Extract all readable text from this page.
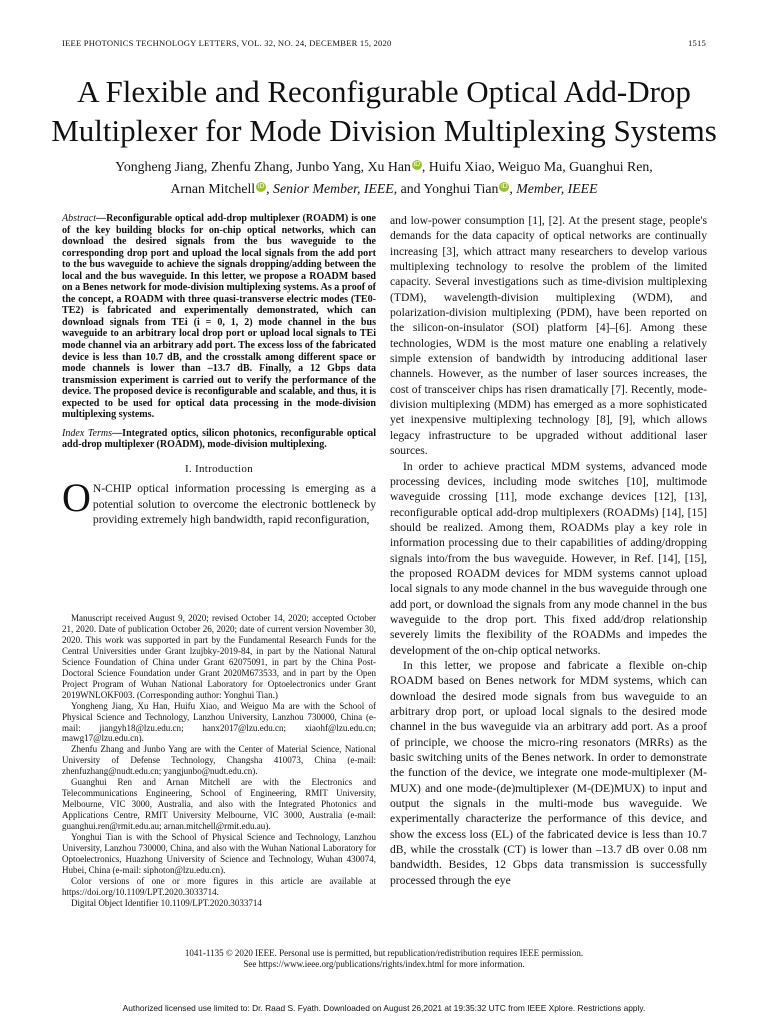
IEEE PHOTONICS TECHNOLOGY LETTERS, VOL. 32, NO. 24, DECEMBER 15, 2020	1515
A Flexible and Reconfigurable Optical Add-Drop Multiplexer for Mode Division Multiplexing Systems
Yongheng Jiang, Zhenfu Zhang, Junbo Yang, Xu Han iD , Huifu Xiao, Weiguo Ma, Guanghui Ren,
Arnan Mitchell iD , Senior Member, IEEE, and Yonghui Tian iD , Member, IEEE

Abstract—Reconfigurable optical add-drop multiplexer (ROADM) is one of the key building blocks for on-chip optical networks, which can download the desired signals from the bus waveguide to the corresponding drop port and upload the local signals from the add port to the bus waveguide to achieve the signals dropping/adding between the local and the bus waveguide. In this letter, we propose a ROADM based on a Benes network for mode-division multiplexing systems. As a proof of the concept, a ROADM with three quasi-transverse electric modes (TE0-TE2) is fabricated and experimentally demonstrated, which can download signals from TEi (i = 0, 1, 2) mode channel in the bus waveguide to an arbitrary local drop port or upload local signals to TEi mode channel via an arbitrary add port. The excess loss of the fabricated device is less than 10.7 dB, and the crosstalk among different space or mode channels is lower than –13.7 dB. Finally, a 12 Gbps data transmission experiment is carried out to verify the performance of the device. The proposed device is reconfigurable and scalable, and thus, it is expected to be used for optical data processing in the mode-division multiplexing systems.

Index Terms—Integrated optics, silicon photonics, reconfigurable optical add-drop multiplexer (ROADM), mode-division multiplexing.

I. Introduction

O N-CHIP optical information processing is emerging as a potential solution to overcome the electronic bottleneck by providing extremely high bandwidth, rapid reconfiguration,

Manuscript received August 9, 2020; revised October 14, 2020; accepted October 21, 2020. Date of publication October 26, 2020; date of current version November 30, 2020. This work was supported in part by the Fundamental Research Funds for the Central Universities under Grant lzujbky-2019-84, in part by the National Natural Science Foundation of China under Grant 62075091, in part by the China Post-Doctoral Science Foundation under Grant 2020M673533, and in part by the Open Project Program of Wuhan National Laboratory for Optoelectronics under Grant 2019WNLOKF003. (Corresponding author: Yonghui Tian.)

Yongheng Jiang, Xu Han, Huifu Xiao, and Weiguo Ma are with the School of Physical Science and Technology, Lanzhou University, Lanzhou 730000, China (e-mail: jiangyh18@lzu.edu.cn; hanx2017@lzu.edu.cn; xiaohf@lzu.edu.cn; mawg17@lzu.edu.cn).

Zhenfu Zhang and Junbo Yang are with the Center of Material Science, National University of Defense Technology, Changsha 410073, China (e-mail: zhenfuzhang@nudt.edu.cn; yangjunbo@nudt.edu.cn).

Guanghui Ren and Arnan Mitchell are with the Electronics and Telecommunications Engineering, School of Engineering, RMIT University, Melbourne, VIC 3000, Australia, and also with the Integrated Photonics and Applications Centre, RMIT University Melbourne, VIC 3000, Australia (e-mail: guanghui.ren@rmit.edu.au; arnan.mitchell@rmit.edu.au).

Yonghui Tian is with the School of Physical Science and Technology, Lanzhou University, Lanzhou 730000, China, and also with the Wuhan National Laboratory for Optoelectronics, Huazhong University of Science and Technology, Wuhan 430074, Hubei, China (e-mail: siphoton@lzu.edu.cn).

Color versions of one or more figures in this article are available at https://doi.org/10.1109/LPT.2020.3033714.

Digital Object Identifier 10.1109/LPT.2020.3033714

and low-power consumption [1], [2]. At the present stage, people's demands for the data capacity of optical networks are continually increasing [3], which attract many researchers to develop various multiplexing technology to resolve the problem of the limited capacity. Several investigations such as time-division multiplexing (TDM), wavelength-division multiplexing (WDM), and polarization-division multiplexing (PDM), have been reported on the silicon-on-insulator (SOI) platform [4]–[6]. Among these technologies, WDM is the most mature one enabling a relatively simple extension of bandwidth by introducing additional laser channels. However, as the number of laser sources increases, the cost of transceiver chips has risen dramatically [7]. Recently, mode-division multiplexing (MDM) has emerged as a more sophisticated yet inexpensive multiplexing technology [8], [9], which allows legacy infrastructure to be upgraded without additional laser sources.

In order to achieve practical MDM systems, advanced mode processing devices, including mode switches [10], multimode waveguide crossing [11], mode exchange devices [12], [13], reconfigurable optical add-drop multiplexers (ROADMs) [14], [15] should be realized. Among them, ROADMs play a key role in information processing due to their capabilities of adding/dropping signals into/from the bus waveguide. However, in Ref. [14], [15], the proposed ROADM devices for MDM systems cannot upload local signals to any mode channel in the bus waveguide through one add port, or download the signals from any mode channel in the bus waveguide to the drop port. This fixed add/drop relationship severely limits the flexibility of the ROADMs and impedes the development of the on-chip optical networks.

In this letter, we propose and fabricate a flexible on-chip ROADM based on Benes network for MDM systems, which can download the desired mode signals from bus waveguide to an arbitrary drop port, or upload local signals to the desired mode channel in the bus waveguide via an arbitrary add port. As a proof of principle, we choose the micro-ring resonators (MRRs) as the basic switching units of the Benes network. In order to demonstrate the function of the device, we integrate one mode-multiplexer (M-MUX) and one mode-(de)multiplexer (M-(DE)MUX) to input and output the signals in the multi-mode bus waveguide. We experimentally characterize the performance of this device, and show the excess loss (EL) of the fabricated device is less than 10.7 dB, while the crosstalk (CT) is lower than –13.7 dB over 0.08 nm bandwidth. Besides, 12 Gbps data transmission is successfully processed through the eye

1041-1135 © 2020 IEEE. Personal use is permitted, but republication/redistribution requires IEEE permission.
See https://www.ieee.org/publications/rights/index.html for more information.
Authorized licensed use limited to: Dr. Raad S. Fyath. Downloaded on August 26,2021 at 19:35:32 UTC from IEEE Xplore. Restrictions apply.
